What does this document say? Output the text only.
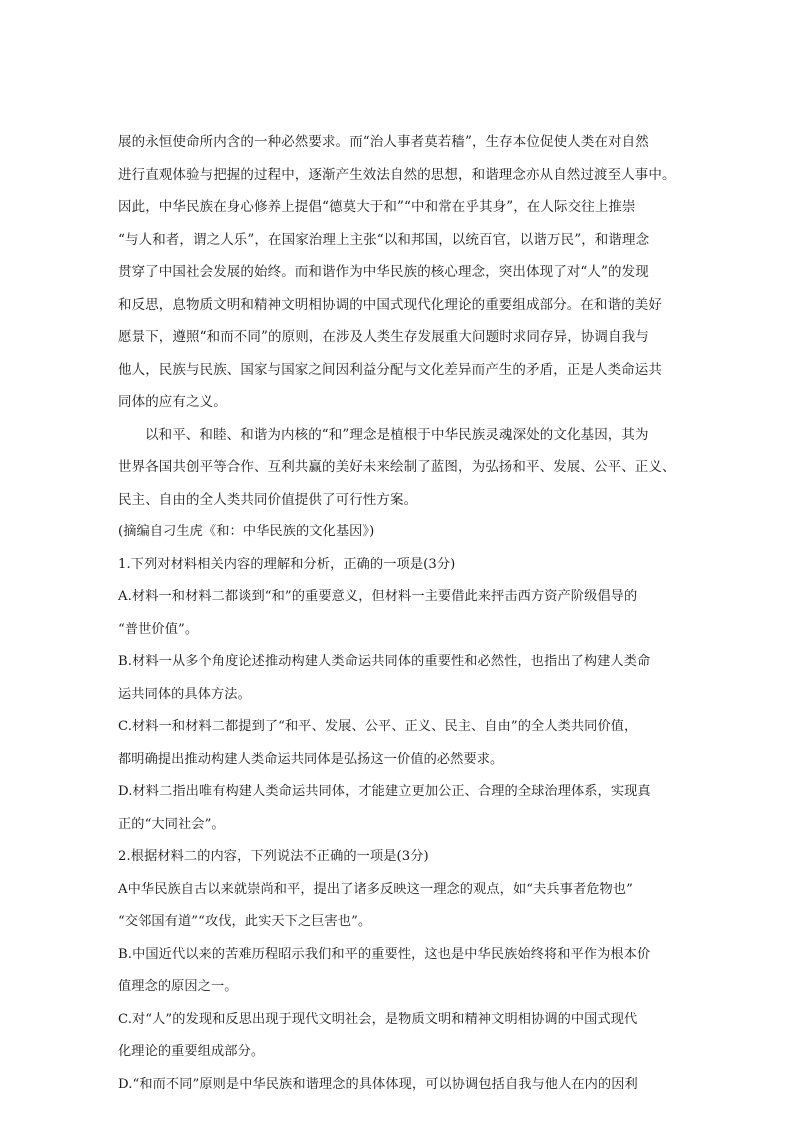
展的永恒使命所内含的一种必然要求。而“治人事者莫若穑”，生存本位促使人类在对自然
进行直观体验与把握的过程中，逐渐产生效法自然的思想，和谐理念亦从自然过渡至人事中。
因此，中华民族在身心修养上提倡“德莫大于和”“中和常在乎其身”，在人际交往上推崇
“与人和者，谓之人乐”，在国家治理上主张“以和邦国，以统百官，以谐万民”，和谐理念
贯穿了中国社会发展的始终。而和谐作为中华民族的核心理念，突出体现了对“人”的发现
和反思，息物质文明和精神文明相协调的中国式现代化理论的重要组成部分。在和谐的美好
愿景下，遵照“和而不同”的原则，在涉及人类生存发展重大问题时求同存异，协调自我与
他人，民族与民族、国家与国家之间因利益分配与文化差异而产生的矛盾，正是人类命运共
同体的应有之义。
以和平、和睦、和谐为内核的“和”理念是植根于中华民族灵魂深处的文化基因，其为
世界各国共创平等合作、互利共赢的美好未来绘制了蓝图，为弘扬和平、发展、公平、正义、
民主、自由的全人类共同价值提供了可行性方案。
(摘编自刁生虎《和：中华民族的文化基因》)
1.下列对材料相关内容的理解和分析，正确的一项是(3分)
A.材料一和材料二都谈到“和”的重要意义，但材料一主要借此来抨击西方资产阶级倡导的
“普世价值”。
B.材料一从多个角度论述推动构建人类命运共同体的重要性和必然性，也指出了构建人类命
运共同体的具体方法。
C.材料一和材料二都提到了“和平、发展、公平、正义、民主、自由”的全人类共同价值，
都明确提出推动构建人类命运共同体是弘扬这一价值的必然要求。
D.材料二指出唯有构建人类命运共同体，才能建立更加公正、合理的全球治理体系，实现真
正的“大同社会”。
2.根据材料二的内容，下列说法不正确的一项是(3分)
A中华民族自古以来就崇尚和平，提出了诸多反映这一理念的观点，如“夫兵事者危物也”
“交邻国有道”“攻伐，此实天下之巨害也”。
B.中国近代以来的苦难历程昭示我们和平的重要性，这也是中华民族始终将和平作为根本价
值理念的原因之一。
C.对“人”的发现和反思出现于现代文明社会，是物质文明和精神文明相协调的中国式现代
化理论的重要组成部分。
D.“和而不同”原则是中华民族和谐理念的具体体现，可以协调包括自我与他人在内的因利
